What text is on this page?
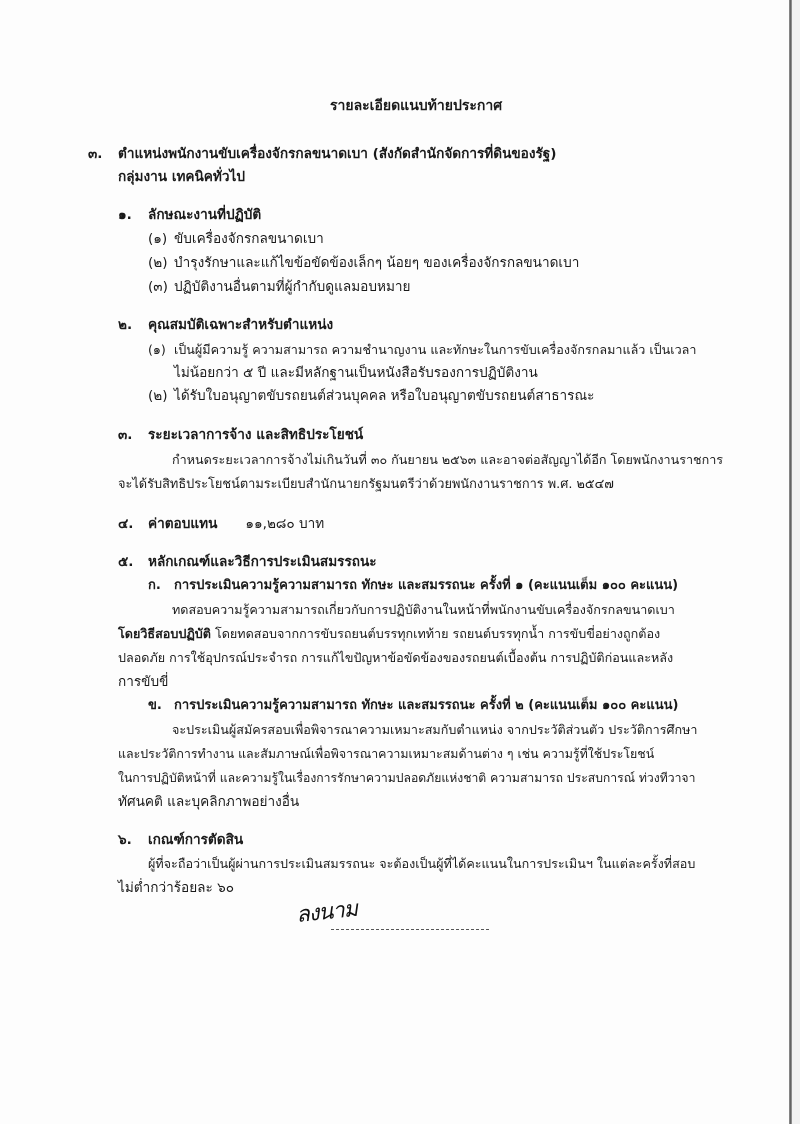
รายละเอียดแนบท้ายประกาศ
๓. ตำแหน่งพนักงานขับเครื่องจักรกลขนาดเบา (สังกัดสำนักจัดการที่ดินของรัฐ)
กลุ่มงาน เทคนิคทั่วไป
๑. ลักษณะงานที่ปฏิบัติ
(๑) ขับเครื่องจักรกลขนาดเบา
(๒) บำรุงรักษาและแก้ไขข้อขัดข้องเล็กๆ น้อยๆ ของเครื่องจักรกลขนาดเบา
(๓) ปฏิบัติงานอื่นตามที่ผู้กำกับดูแลมอบหมาย
๒. คุณสมบัติเฉพาะสำหรับตำแหน่ง
(๑) เป็นผู้มีความรู้ ความสามารถ ความชำนาญงาน และทักษะในการขับเครื่องจักรกลมาแล้ว เป็นเวลา
ไม่น้อยกว่า ๕ ปี และมีหลักฐานเป็นหนังสือรับรองการปฏิบัติงาน
(๒) ได้รับใบอนุญาตขับรถยนต์ส่วนบุคคล หรือใบอนุญาตขับรถยนต์สาธารณะ
๓. ระยะเวลาการจ้าง และสิทธิประโยชน์
กำหนดระยะเวลาการจ้างไม่เกินวันที่ ๓๐ กันยายน ๒๕๖๓ และอาจต่อสัญญาได้อีก โดยพนักงานราชการ
จะได้รับสิทธิประโยชน์ตามระเบียบสำนักนายกรัฐมนตรีว่าด้วยพนักงานราชการ พ.ศ. ๒๕๔๗
๔. ค่าตอบแทน ๑๑,๒๘๐ บาท
๕. หลักเกณฑ์และวิธีการประเมินสมรรถนะ
ก. การประเมินความรู้ความสามารถ ทักษะ และสมรรถนะ ครั้งที่ ๑ (คะแนนเต็ม ๑๐๐ คะแนน)
ทดสอบความรู้ความสามารถเกี่ยวกับการปฏิบัติงานในหน้าที่พนักงานขับเครื่องจักรกลขนาดเบา
โดยวิธีสอบปฏิบัติ โดยทดสอบจากการขับรถยนต์บรรทุกเทท้าย รถยนต์บรรทุกน้ำ การขับขี่อย่างถูกต้อง
ปลอดภัย การใช้อุปกรณ์ประจำรถ การแก้ไขปัญหาข้อขัดข้องของรถยนต์เบื้องต้น การปฏิบัติก่อนและหลัง
การขับขี่
ข. การประเมินความรู้ความสามารถ ทักษะ และสมรรถนะ ครั้งที่ ๒ (คะแนนเต็ม ๑๐๐ คะแนน)
จะประเมินผู้สมัครสอบเพื่อพิจารณาความเหมาะสมกับตำแหน่ง จากประวัติส่วนตัว ประวัติการศึกษา
และประวัติการทำงาน และสัมภาษณ์เพื่อพิจารณาความเหมาะสมด้านต่าง ๆ เช่น ความรู้ที่ใช้ประโยชน์
ในการปฏิบัติหน้าที่ และความรู้ในเรื่องการรักษาความปลอดภัยแห่งชาติ ความสามารถ ประสบการณ์ ท่วงทีวาจา
ทัศนคติ และบุคลิกภาพอย่างอื่น
๖. เกณฑ์การตัดสิน
ผู้ที่จะถือว่าเป็นผู้ผ่านการประเมินสมรรถนะ จะต้องเป็นผู้ที่ได้คะแนนในการประเมินฯ ในแต่ละครั้งที่สอบ
ไม่ต่ำกว่าร้อยละ ๖๐
ลงนาม
